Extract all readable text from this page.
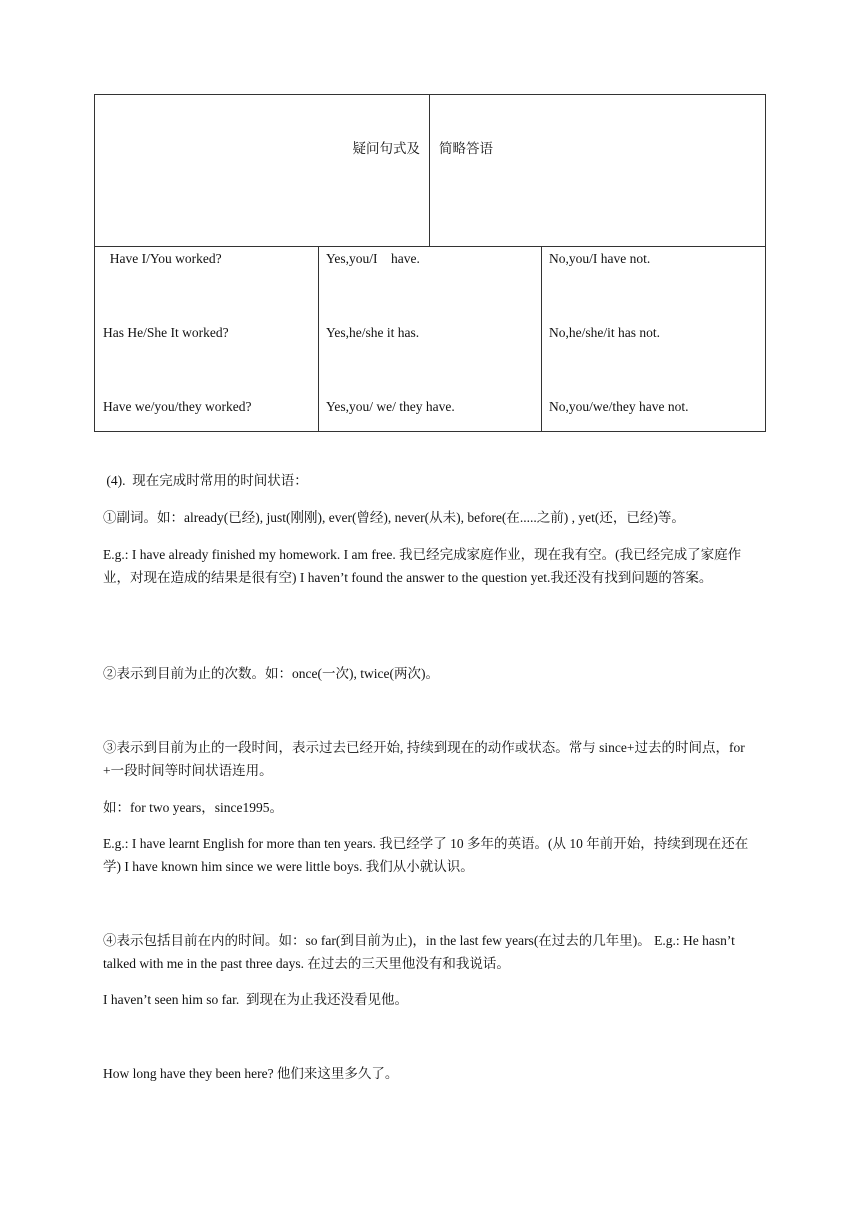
疑问句式及 简略答语
Have I/You worked?
Has He/She It worked?
Have we/you/they worked?
Yes,you/I    have.
Yes,he/she it has.
Yes,you/ we/ they have.
No,you/I have not.
No,he/she/it has not.
No,you/we/they have not.
(4).  现在完成时常用的时间状语：
①副词。如：already(已经), just(刚刚), ever(曾经), never(从未), before(在.....之前) , yet(还，已经)等。
E.g.: I have already finished my homework. I am free. 我已经完成家庭作业，现在我有空。(我已经完成了家庭作业，对现在造成的结果是很有空) I haven’t found the answer to the question yet.我还没有找到问题的答案。
②表示到目前为止的次数。如：once(一次), twice(两次)。
③表示到目前为止的一段时间，表示过去已经开始, 持续到现在的动作或状态。常与 since+过去的时间点，for +一段时间等时间状语连用。
如：for two years，since1995。
E.g.: I have learnt English for more than ten years. 我已经学了 10 多年的英语。(从 10 年前开始，持续到现在还在学) I have known him since we were little boys. 我们从小就认识。
④表示包括目前在内的时间。如：so far(到目前为止)，in the last few years(在过去的几年里)。 E.g.: He hasn’t talked with me in the past three days. 在过去的三天里他没有和我说话。
I haven’t seen him so far.  到现在为止我还没看见他。
How long have they been here? 他们来这里多久了。
